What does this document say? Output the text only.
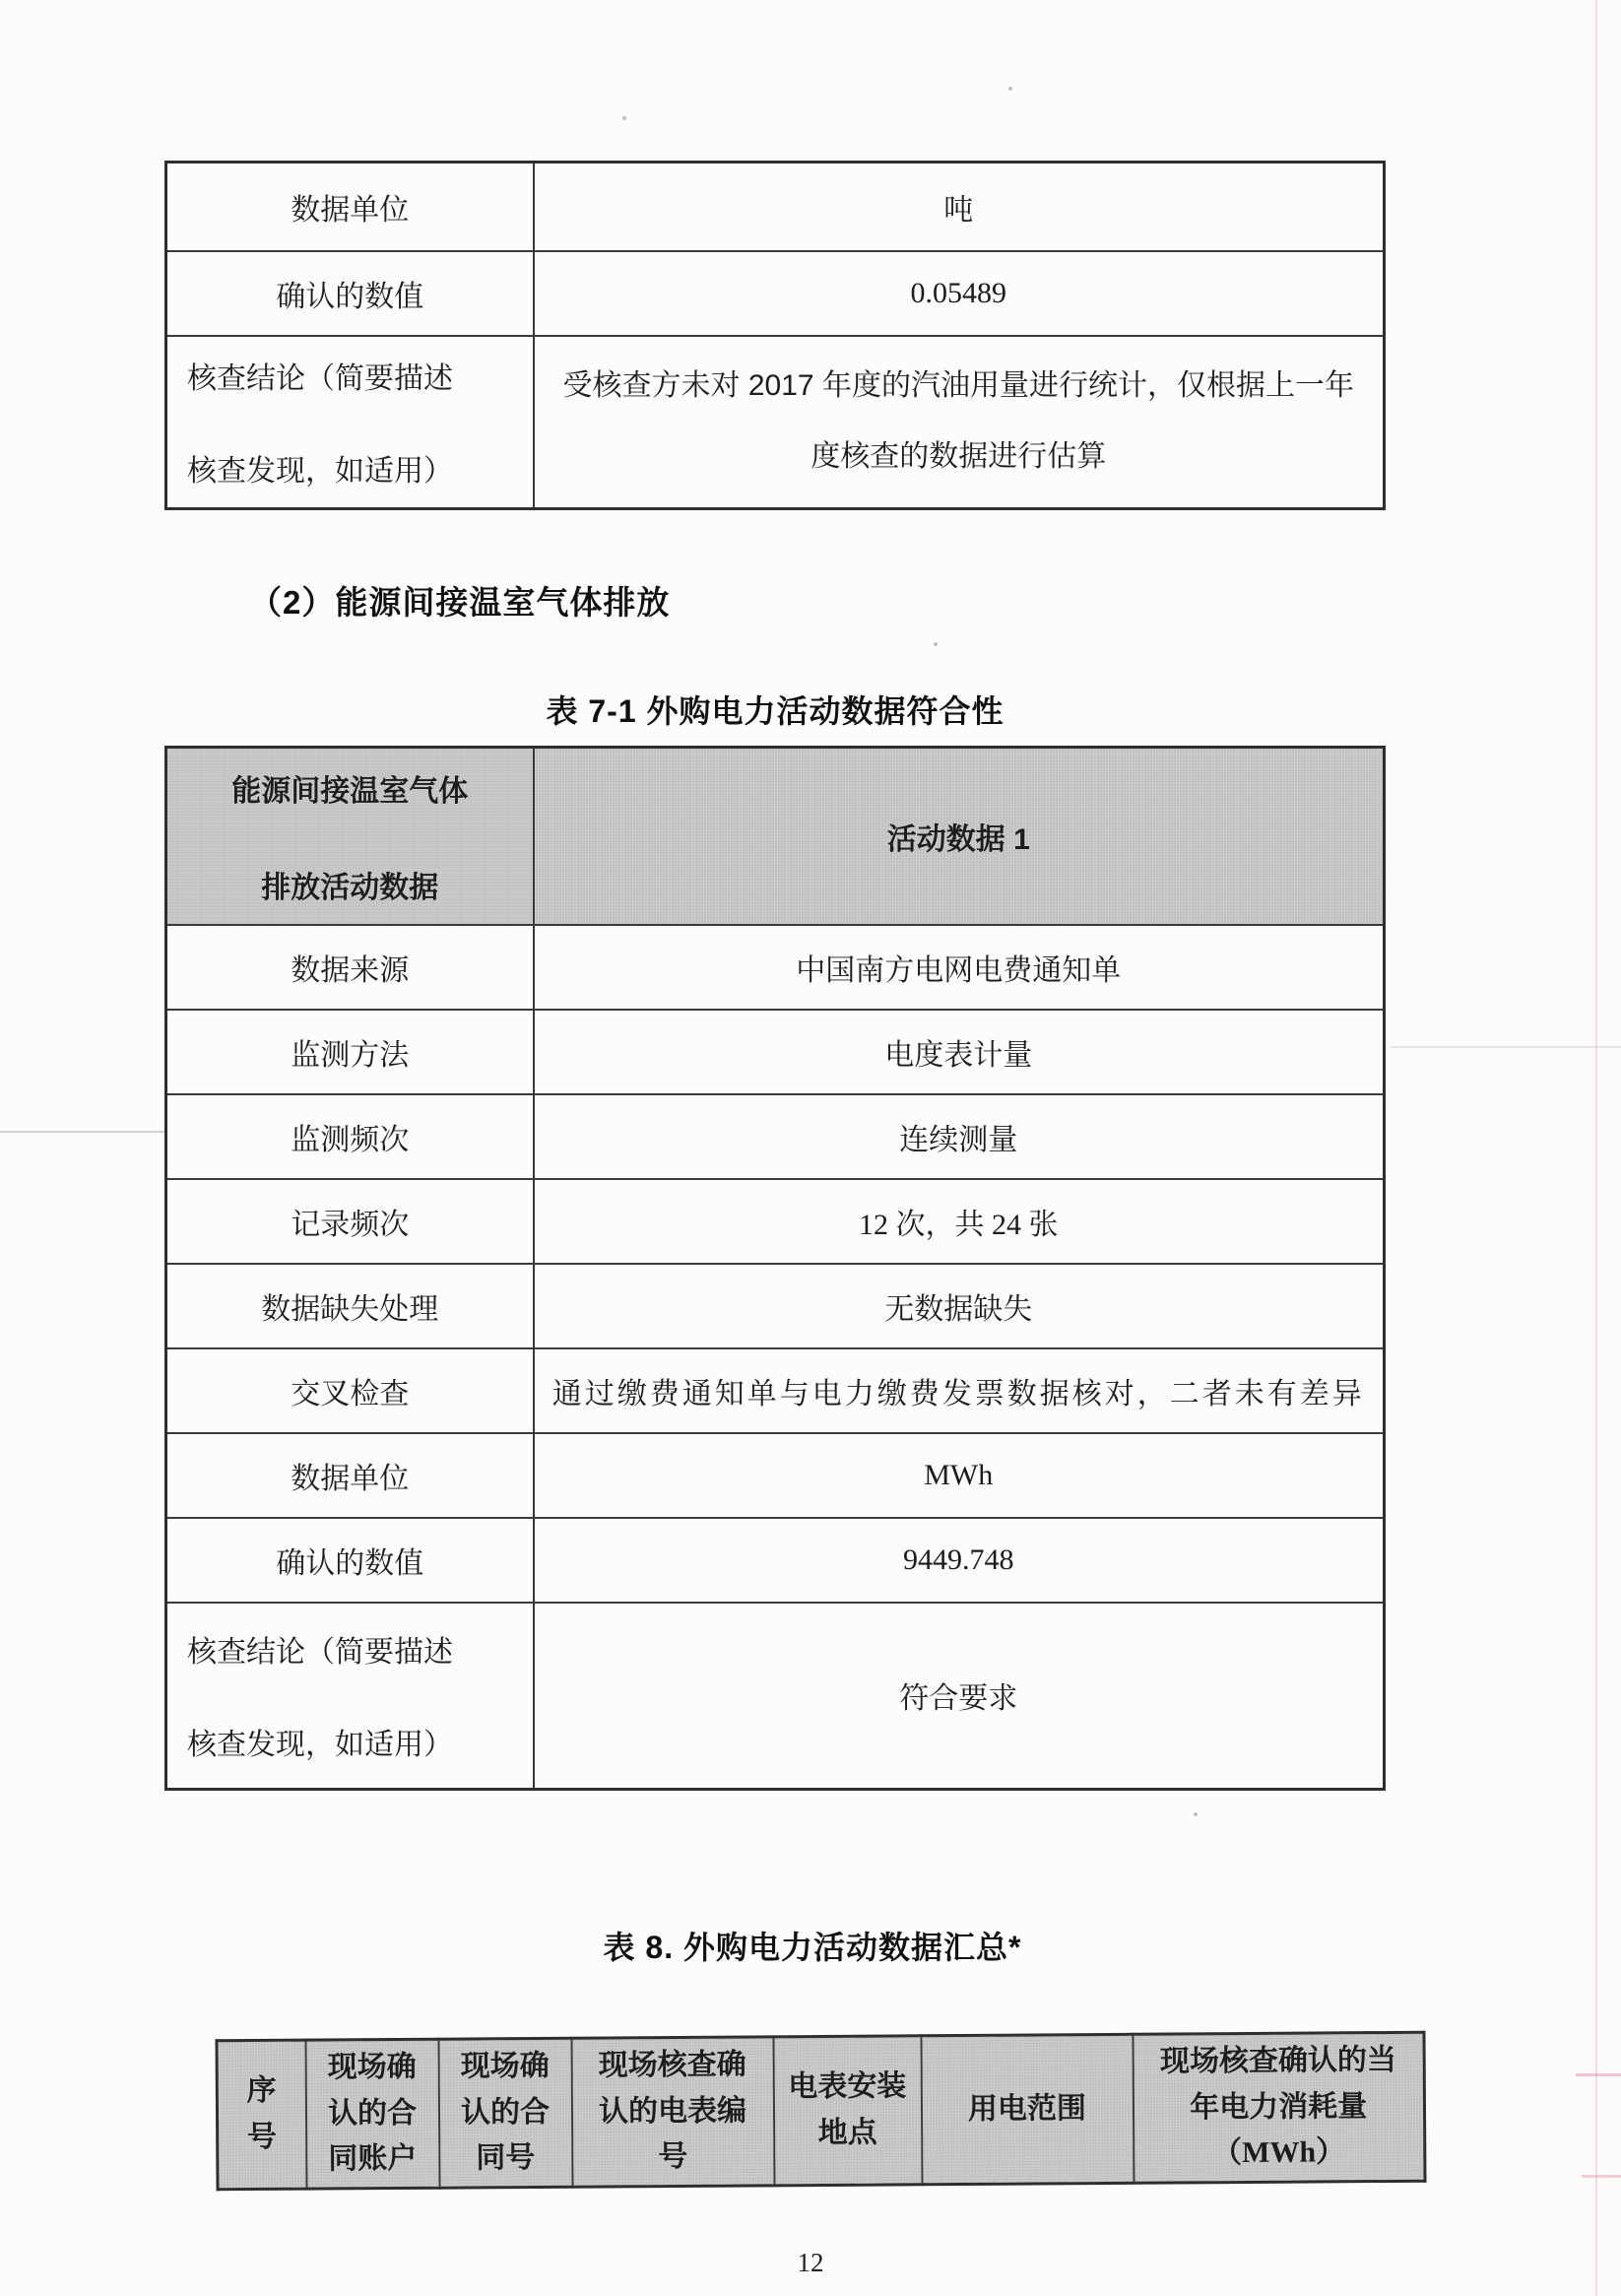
数据单位	吨
确认的数值	0.05489

核查结论（简要描述
核查发现，如适用）	受核查方未对 2017 年度的汽油用量进行统计，仅根据上一年度核查的数据进行估算
（2）能源间接温室气体排放
表 7-1 外购电力活动数据符合性
能源间接温室气体
排放活动数据	活动数据 1
数据来源	中国南方电网电费通知单
监测方法	电度表计量
监测频次	连续测量
记录频次	12 次，共 24 张
数据缺失处理	无数据缺失
交叉检查	通过缴费通知单与电力缴费发票数据核对，二者未有差异
数据单位	MWh
确认的数值	9449.748

核查结论（简要描述
核查发现，如适用）	符合要求
表 8. 外购电力活动数据汇总*
序号	现场确认的合同账户	现场确认的合同号	现场核查确认的电表编号	电表安装地点	用电范围	现场核查确认的当年电力消耗量（MWh）
12
